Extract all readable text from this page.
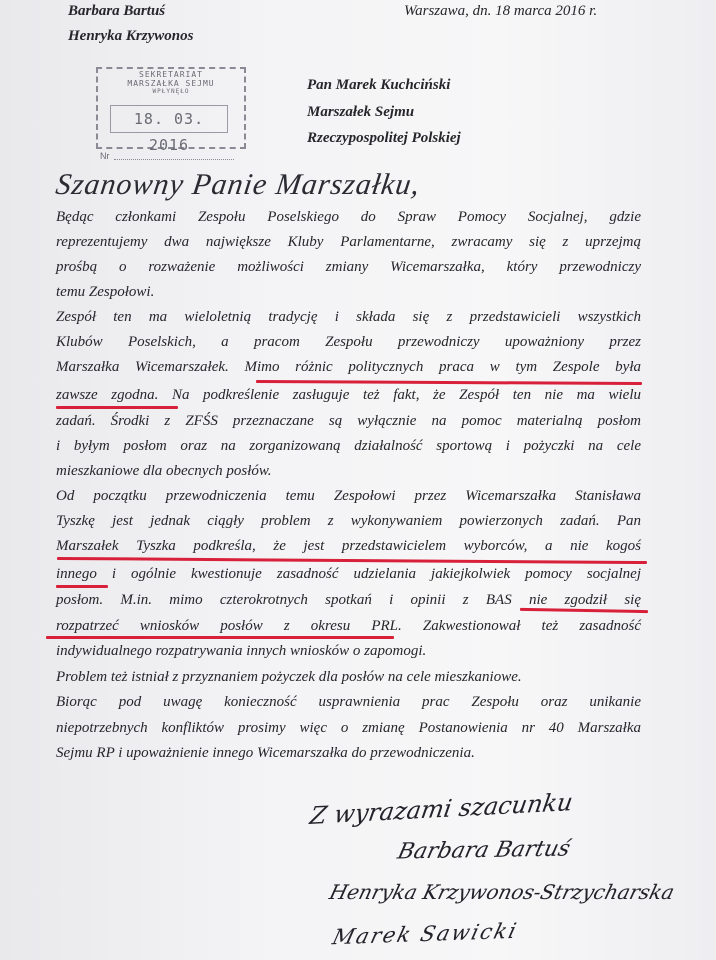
Barbara Bartuś
Henryka Krzywonos
Warszawa, dn. 18 marca 2016 r.
SEKRETARIAT
MARSZAŁKA SEJMU
WPŁYNĘŁO
18. 03. 2016
Nr
Pan Marek Kuchciński
Marszałek Sejmu
Rzeczypospolitej Polskiej
Szanowny Panie Marszałku,
Będąc członkami Zespołu Poselskiego do Spraw Pomocy Socjalnej, gdzie
reprezentujemy dwa największe Kluby Parlamentarne, zwracamy się z uprzejmą
prośbą o rozważenie możliwości zmiany Wicemarszałka, który przewodniczy
temu Zespołowi.
Zespół ten ma wieloletnią tradycję i składa się z przedstawicieli wszystkich
Klubów Poselskich, a pracom Zespołu przewodniczy upoważniony przez
Marszałka Wicemarszałek. Mimo różnic politycznych praca w tym Zespole była
zawsze zgodna. Na podkreślenie zasługuje też fakt, że Zespół ten nie ma wielu
zadań. Środki z ZFŚS przeznaczane są wyłącznie na pomoc materialną posłom
i byłym posłom oraz na zorganizowaną działalność sportową i pożyczki na cele
mieszkaniowe dla obecnych posłów.
Od początku przewodniczenia temu Zespołowi przez Wicemarszałka Stanisława
Tyszkę jest jednak ciągły problem z wykonywaniem powierzonych zadań. Pan
Marszałek Tyszka podkreśla, że jest przedstawicielem wyborców, a nie kogoś
innego i ogólnie kwestionuje zasadność udzielania jakiejkolwiek pomocy socjalnej
posłom. M.in. mimo czterokrotnych spotkań i opinii z BAS nie zgodził się
rozpatrzeć wniosków posłów z okresu PRL. Zakwestionował też zasadność
indywidualnego rozpatrywania innych wniosków o zapomogi.
Problem też istniał z przyznaniem pożyczek dla posłów na cele mieszkaniowe.
Biorąc pod uwagę konieczność usprawnienia prac Zespołu oraz unikanie
niepotrzebnych konfliktów prosimy więc o zmianę Postanowienia nr 40 Marszałka
Sejmu RP i upoważnienie innego Wicemarszałka do przewodniczenia.
Z wyrazami szacunku
Barbara Bartuś
Henryka Krzywonos-Strzycharska
Marek Sawicki
